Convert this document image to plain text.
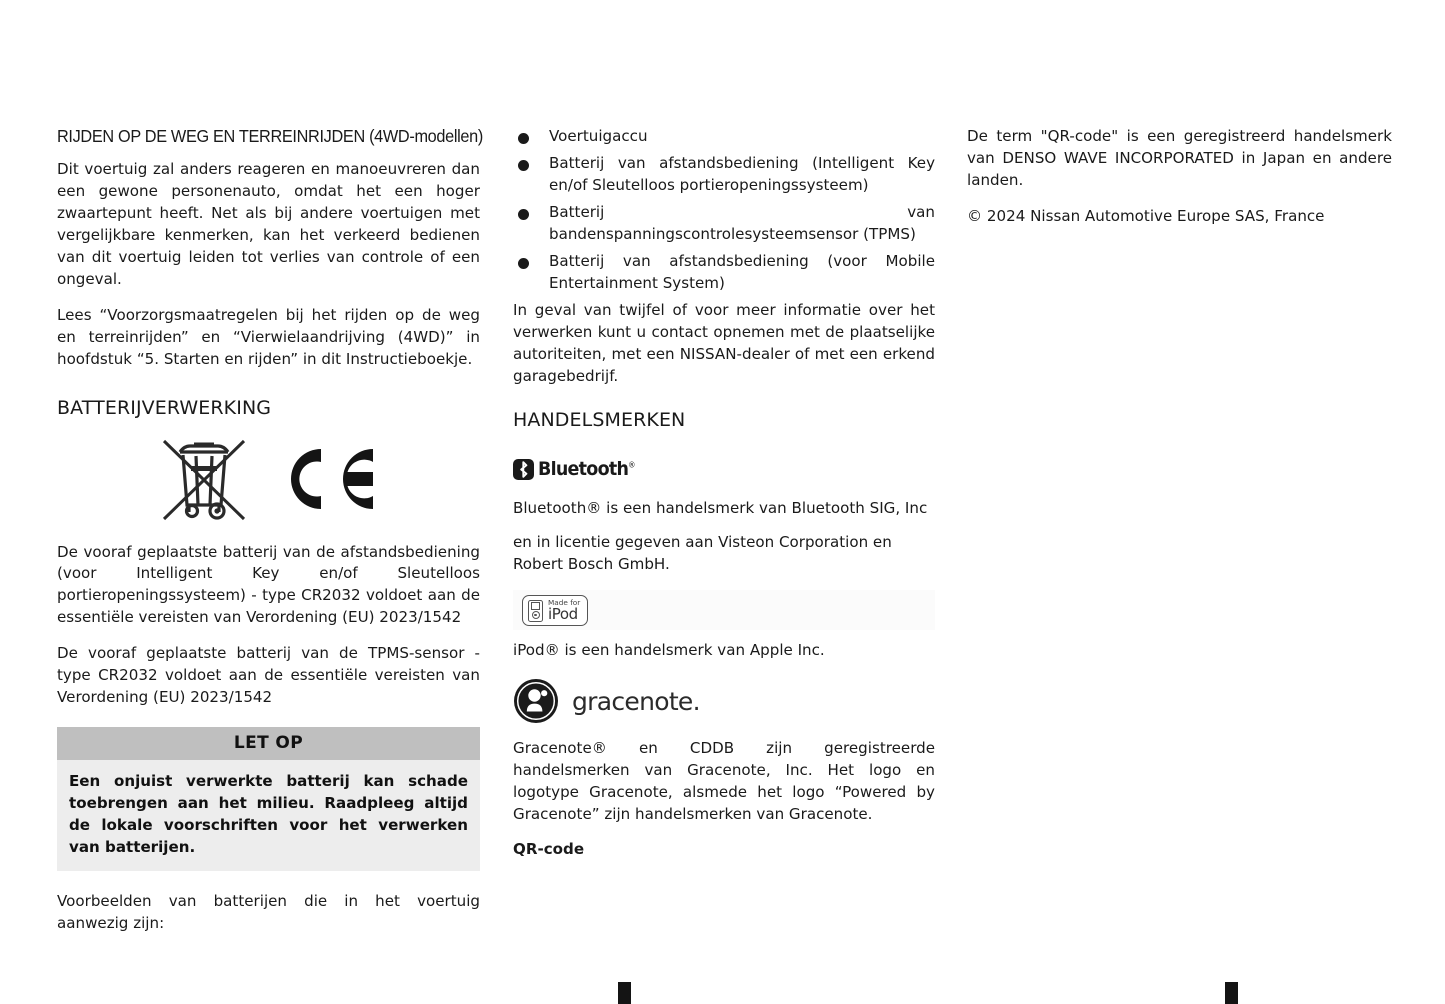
RIJDEN OP DE WEG EN TERREINRIJDEN (4WD-modellen)

Dit voertuig zal anders reageren en manoeuvreren dan een gewone personenauto, omdat het een hoger zwaartepunt heeft. Net als bij andere voertuigen met vergelijkbare kenmerken, kan het verkeerd bedienen van dit voertuig leiden tot verlies van controle of een ongeval.

Lees “Voorzorgsmaatregelen bij het rijden op de weg en terreinrijden” en “Vierwielaandrijving (4WD)” in hoofdstuk “5. Starten en rijden” in dit Instructieboekje.

BATTERIJVERWERKING

De vooraf geplaatste batterij van de afstandsbediening (voor Intelligent Key en/of Sleutelloos portieropeningssysteem) - type CR2032 voldoet aan de essentiële vereisten van Verordening (EU) 2023/1542

De vooraf geplaatste batterij van de TPMS-sensor - type CR2032 voldoet aan de essentiële vereisten van Verordening (EU) 2023/1542

LET OP
Een onjuist verwerkte batterij kan schade toebrengen aan het milieu. Raadpleeg altijd de lokale voorschriften voor het verwerken van batterijen.

Voorbeelden van batterijen die in het voertuig aanwezig zijn:

Voertuigaccu
Batterij van afstandsbediening (Intelligent Key en/of Sleutelloos portieropeningssysteem)
Batterij van bandenspanningscontrolesysteemsensor (TPMS)
Batterij van afstandsbediening (voor Mobile Entertainment System)

In geval van twijfel of voor meer informatie over het verwerken kunt u contact opnemen met de plaatselijke autoriteiten, met een NISSAN-dealer of met een erkend garagebedrijf.

HANDELSMERKEN
Bluetooth®

Bluetooth® is een handelsmerk van Bluetooth SIG, Inc

en in licentie gegeven aan Visteon Corporation en Robert Bosch GmbH.

Made for
iPod

iPod® is een handelsmerk van Apple Inc.

gracenote.

Gracenote® en CDDB zijn geregistreerde handelsmerken van Gracenote, Inc. Het logo en logotype Gracenote, alsmede het logo “Powered by Gracenote” zijn handelsmerken van Gracenote.

QR-code

De term "QR-code" is een geregistreerd handelsmerk van DENSO WAVE INCORPORATED in Japan en andere landen.

© 2024 Nissan Automotive Europe SAS, France
